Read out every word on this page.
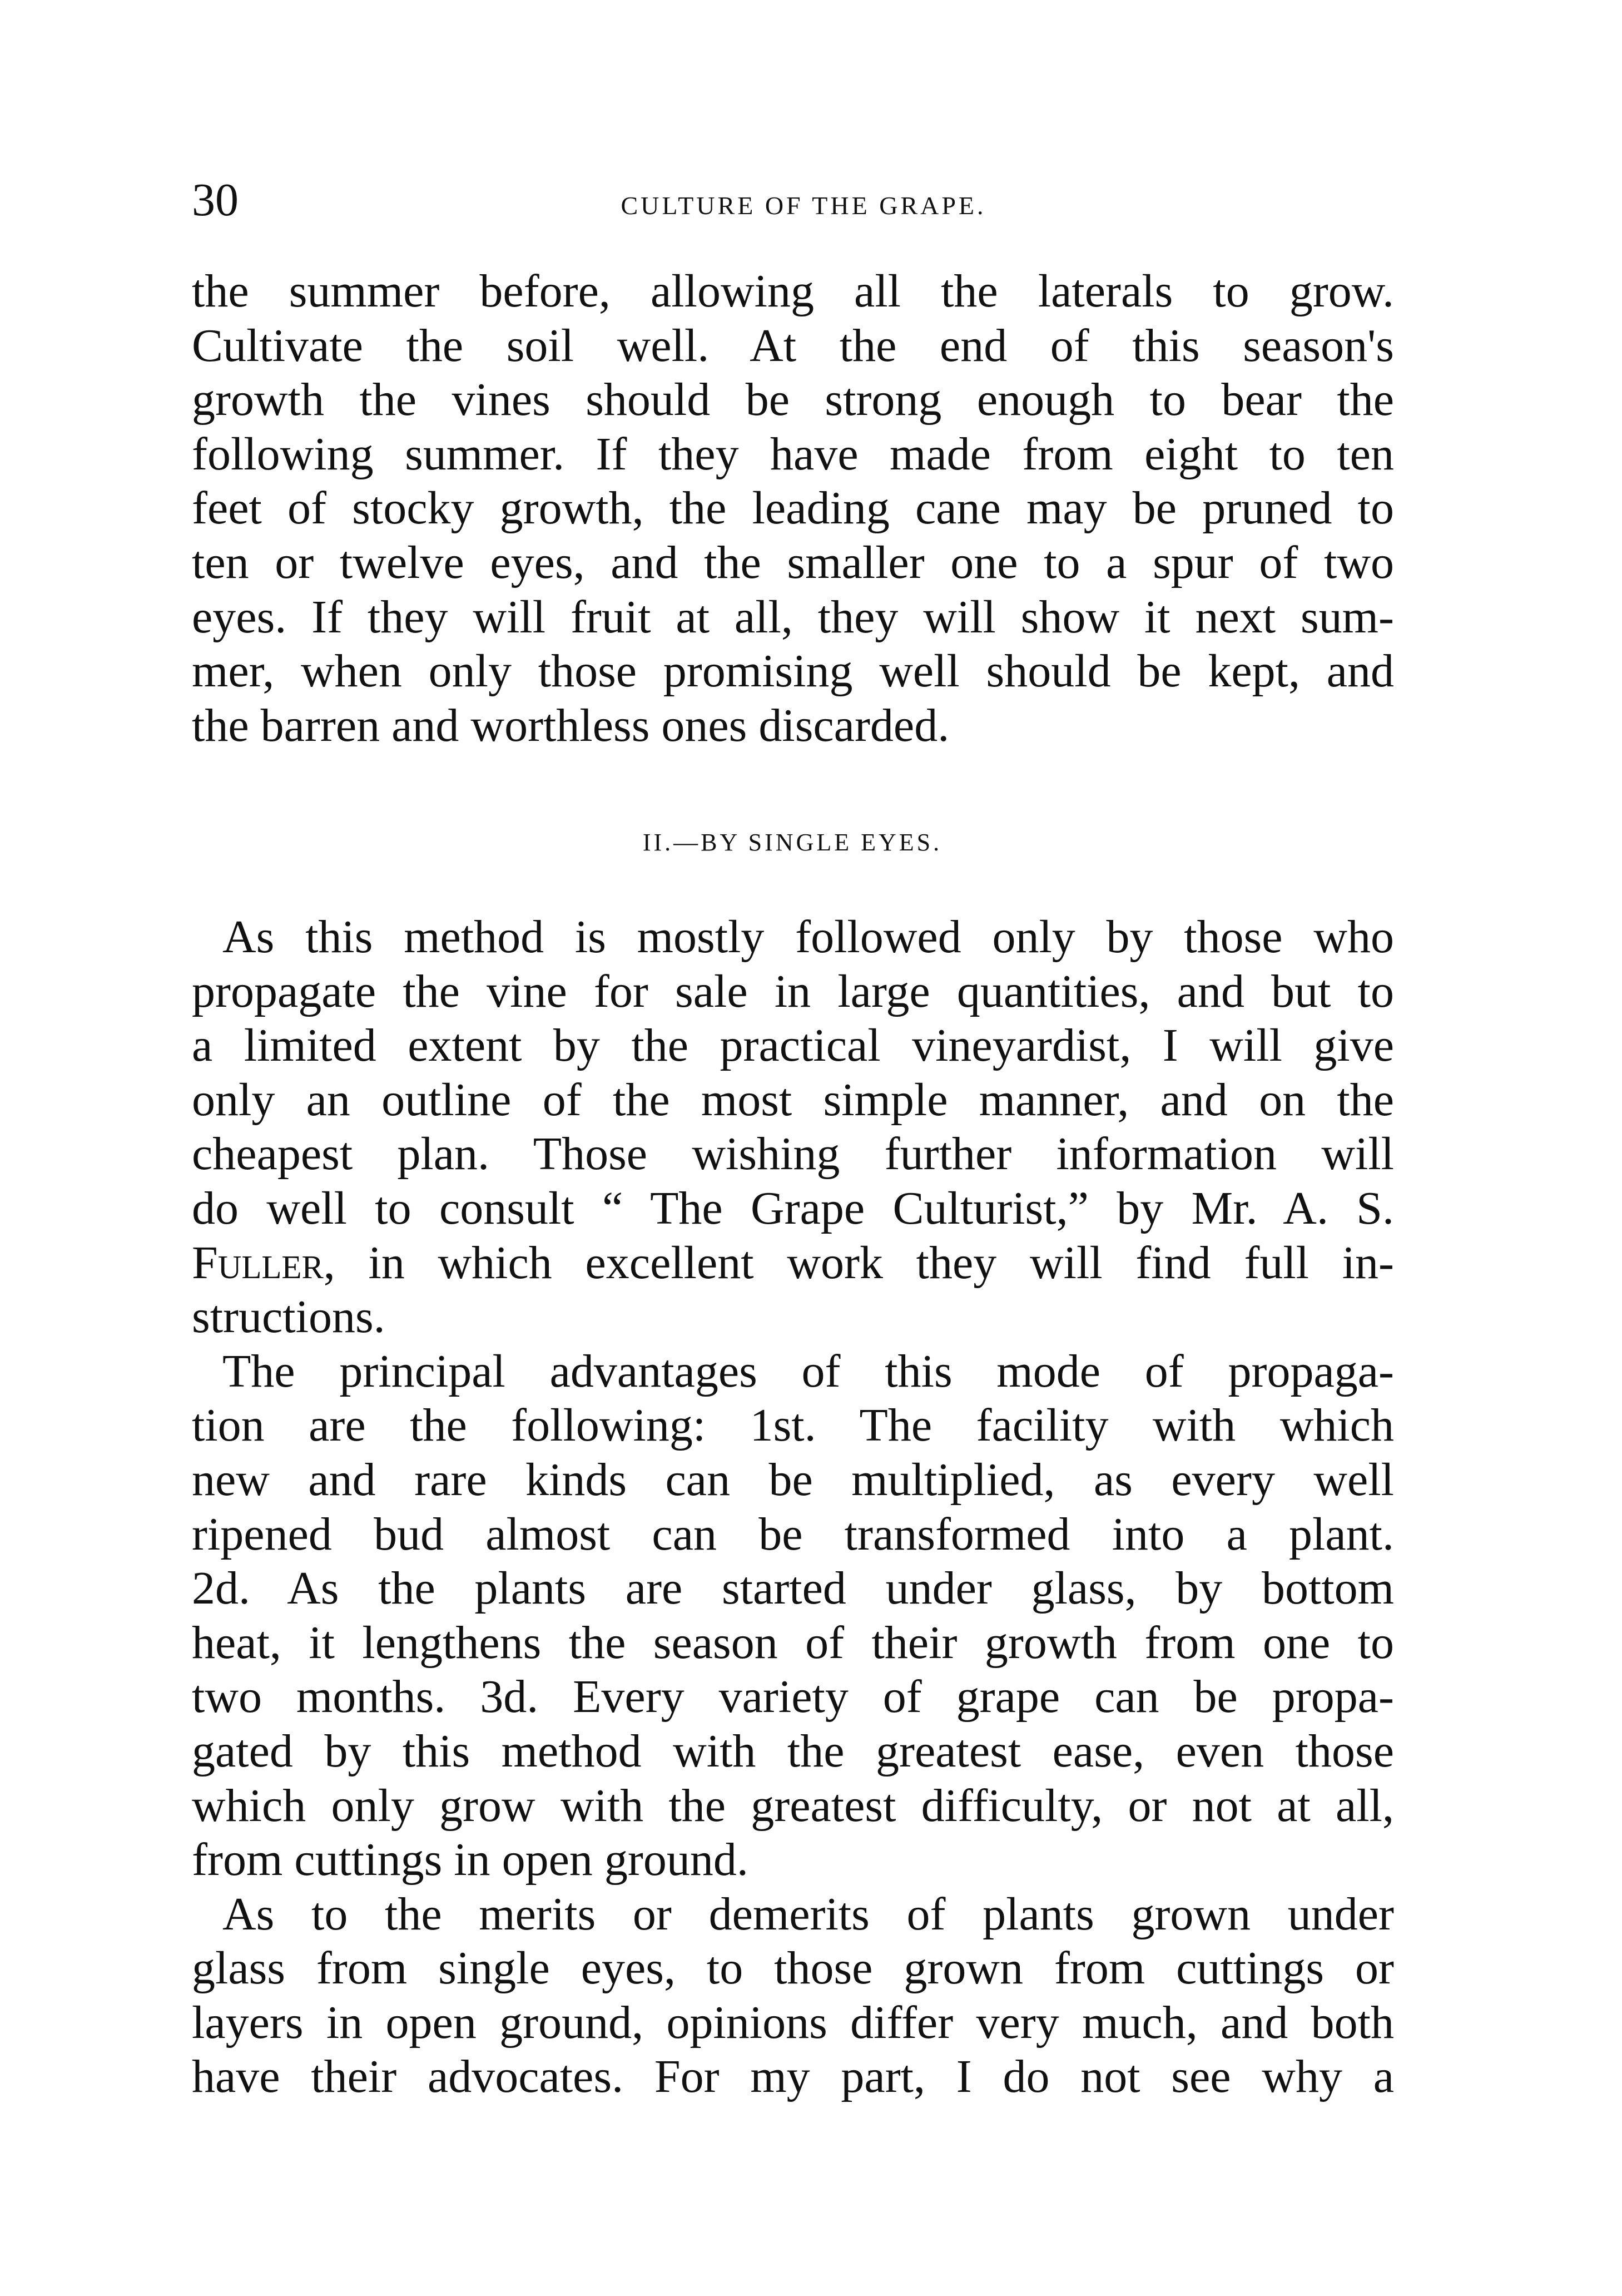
30	CULTURE OF THE GRAPE.
the summer before, allowing all the laterals to grow.
Cultivate the soil well. At the end of this season's
growth the vines should be strong enough to bear the
following summer. If they have made from eight to ten
feet of stocky growth, the leading cane may be pruned to
ten or twelve eyes, and the smaller one to a spur of two
eyes. If they will fruit at all, they will show it next sum-
mer, when only those promising well should be kept, and
the barren and worthless ones discarded.
II.—BY SINGLE EYES.
As this method is mostly followed only by those who
propagate the vine for sale in large quantities, and but to
a limited extent by the practical vineyardist, I will give
only an outline of the most simple manner, and on the
cheapest plan. Those wishing further information will
do well to consult “ The Grape Culturist,” by Mr. A. S.
Fuller, in which excellent work they will find full in-
structions.
The principal advantages of this mode of propaga-
tion are the following: 1st. The facility with which
new and rare kinds can be multiplied, as every well
ripened bud almost can be transformed into a plant.
2d. As the plants are started under glass, by bottom
heat, it lengthens the season of their growth from one to
two months. 3d. Every variety of grape can be propa-
gated by this method with the greatest ease, even those
which only grow with the greatest difficulty, or not at all,
from cuttings in open ground.
As to the merits or demerits of plants grown under
glass from single eyes, to those grown from cuttings or
layers in open ground, opinions differ very much, and both
have their advocates. For my part, I do not see why a
